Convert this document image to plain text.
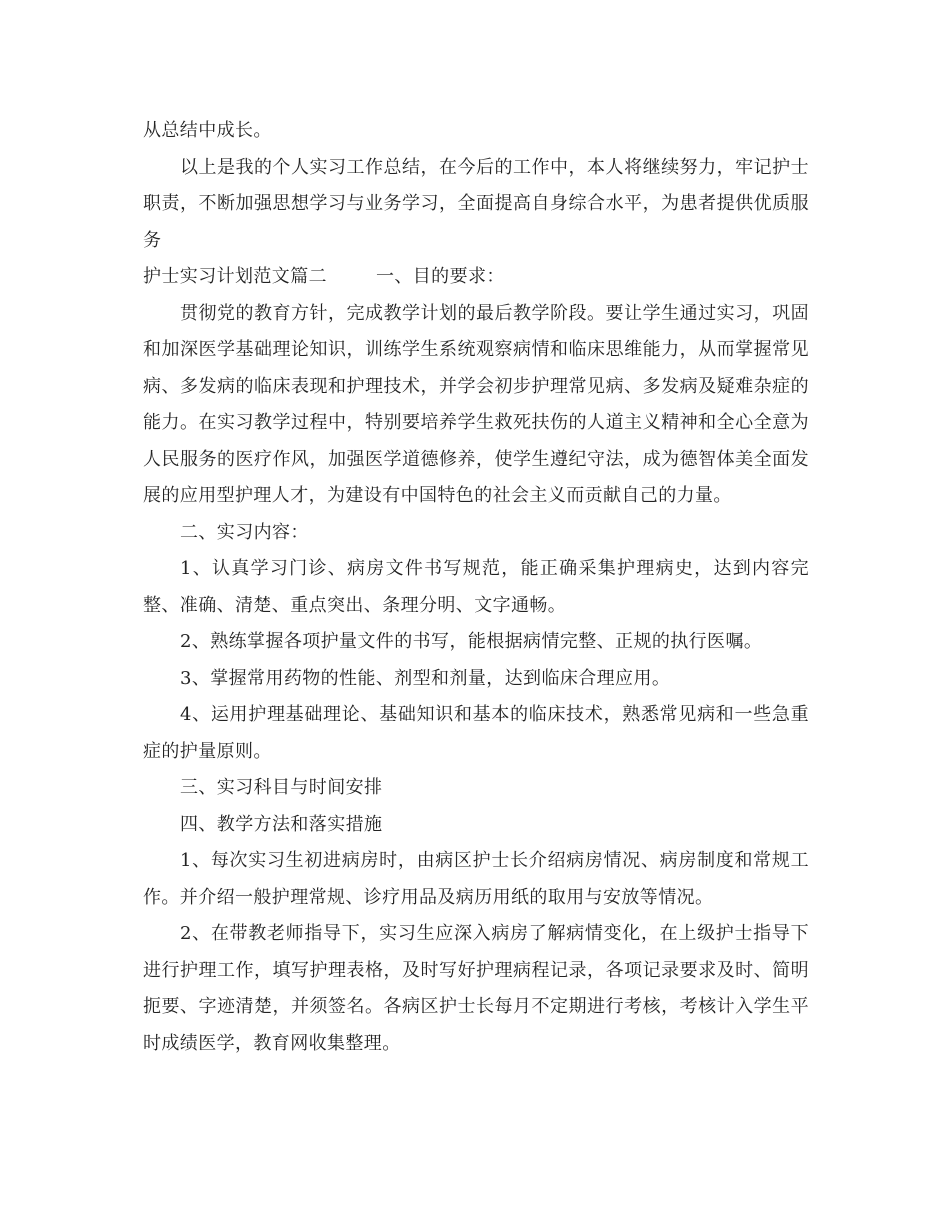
从总结中成长。

以上是我的个人实习工作总结，在今后的工作中，本人将继续努力，牢记护士职责，不断加强思想学习与业务学习，全面提高自身综合水平，为患者提供优质服务

护士实习计划范文篇二        一、目的要求：

贯彻党的教育方针，完成教学计划的最后教学阶段。要让学生通过实习，巩固和加深医学基础理论知识，训练学生系统观察病情和临床思维能力，从而掌握常见病、多发病的临床表现和护理技术，并学会初步护理常见病、多发病及疑难杂症的能力。在实习教学过程中，特别要培养学生救死扶伤的人道主义精神和全心全意为人民服务的医疗作风，加强医学道德修养，使学生遵纪守法，成为德智体美全面发展的应用型护理人才，为建设有中国特色的社会主义而贡献自己的力量。

二、实习内容：

1、认真学习门诊、病房文件书写规范，能正确采集护理病史，达到内容完整、准确、清楚、重点突出、条理分明、文字通畅。

2、熟练掌握各项护量文件的书写，能根据病情完整、正规的执行医嘱。

3、掌握常用药物的性能、剂型和剂量，达到临床合理应用。

4、运用护理基础理论、基础知识和基本的临床技术，熟悉常见病和一些急重症的护量原则。

三、实习科目与时间安排

四、教学方法和落实措施

1、每次实习生初进病房时，由病区护士长介绍病房情况、病房制度和常规工作。并介绍一般护理常规、诊疗用品及病历用纸的取用与安放等情况。

2、在带教老师指导下，实习生应深入病房了解病情变化，在上级护士指导下进行护理工作，填写护理表格，及时写好护理病程记录，各项记录要求及时、简明扼要、字迹清楚，并须签名。各病区护士长每月不定期进行考核，考核计入学生平时成绩医学，教育网收集整理。
